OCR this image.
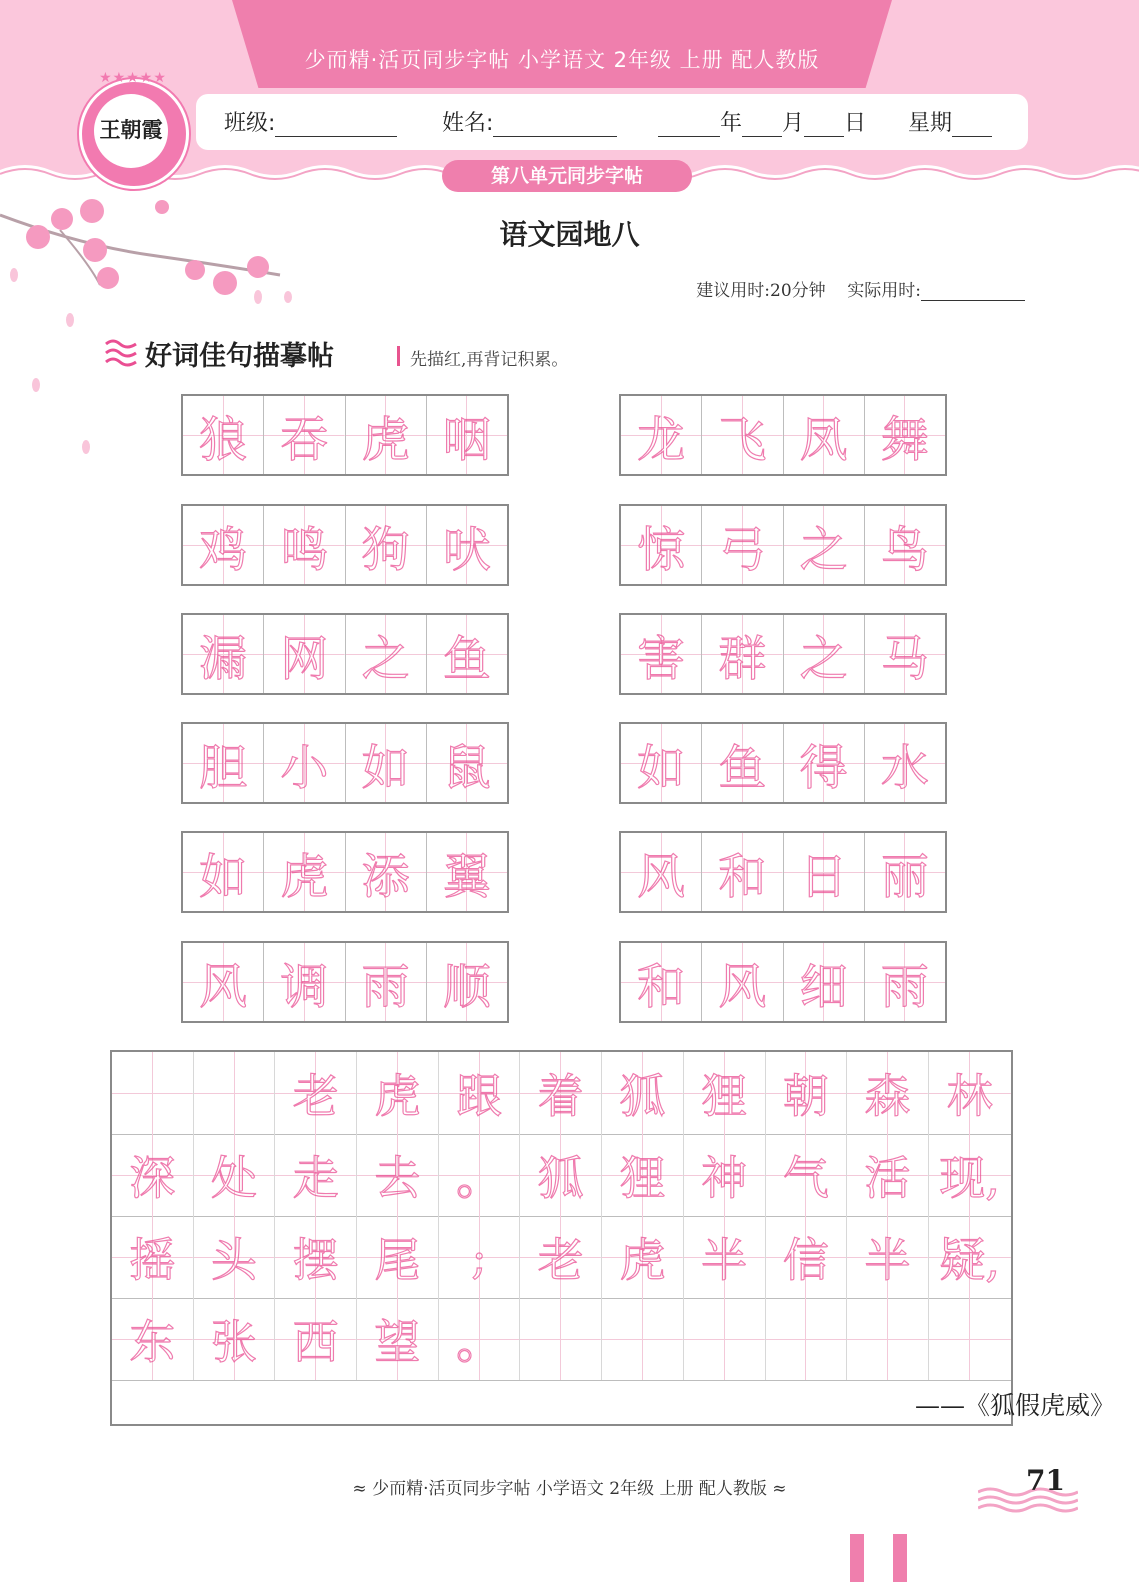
少而精·活页同步字帖 小学语文 2年级 上册 配人教版
班级:	姓名:	年 月 日 星期
第八单元同步字帖
★★★★★
王朝霞
语文园地八
建议用时:20分钟 实际用时:
好词佳句描摹帖	先描红,再背记积累。
狼 吞 虎 咽
鸡 鸣 狗 吠
漏 网 之 鱼
胆 小 如 鼠
如 虎 添 翼
风 调 雨 顺
龙 飞 凤 舞
惊 弓 之 鸟
害 群 之 马
如 鱼 得 水
风 和 日 丽
和 风 细 雨
老 虎 跟 着 狐 狸 朝 森 林
深 处 走 去 。 狐 狸 神 气 活 现,
摇 头 摆 尾 ; 老 虎 半 信 半 疑,
东 张 西 望 。
——《狐假虎威》
≈ 少而精·活页同步字帖 小学语文 2年级 上册 配人教版 ≈	71
